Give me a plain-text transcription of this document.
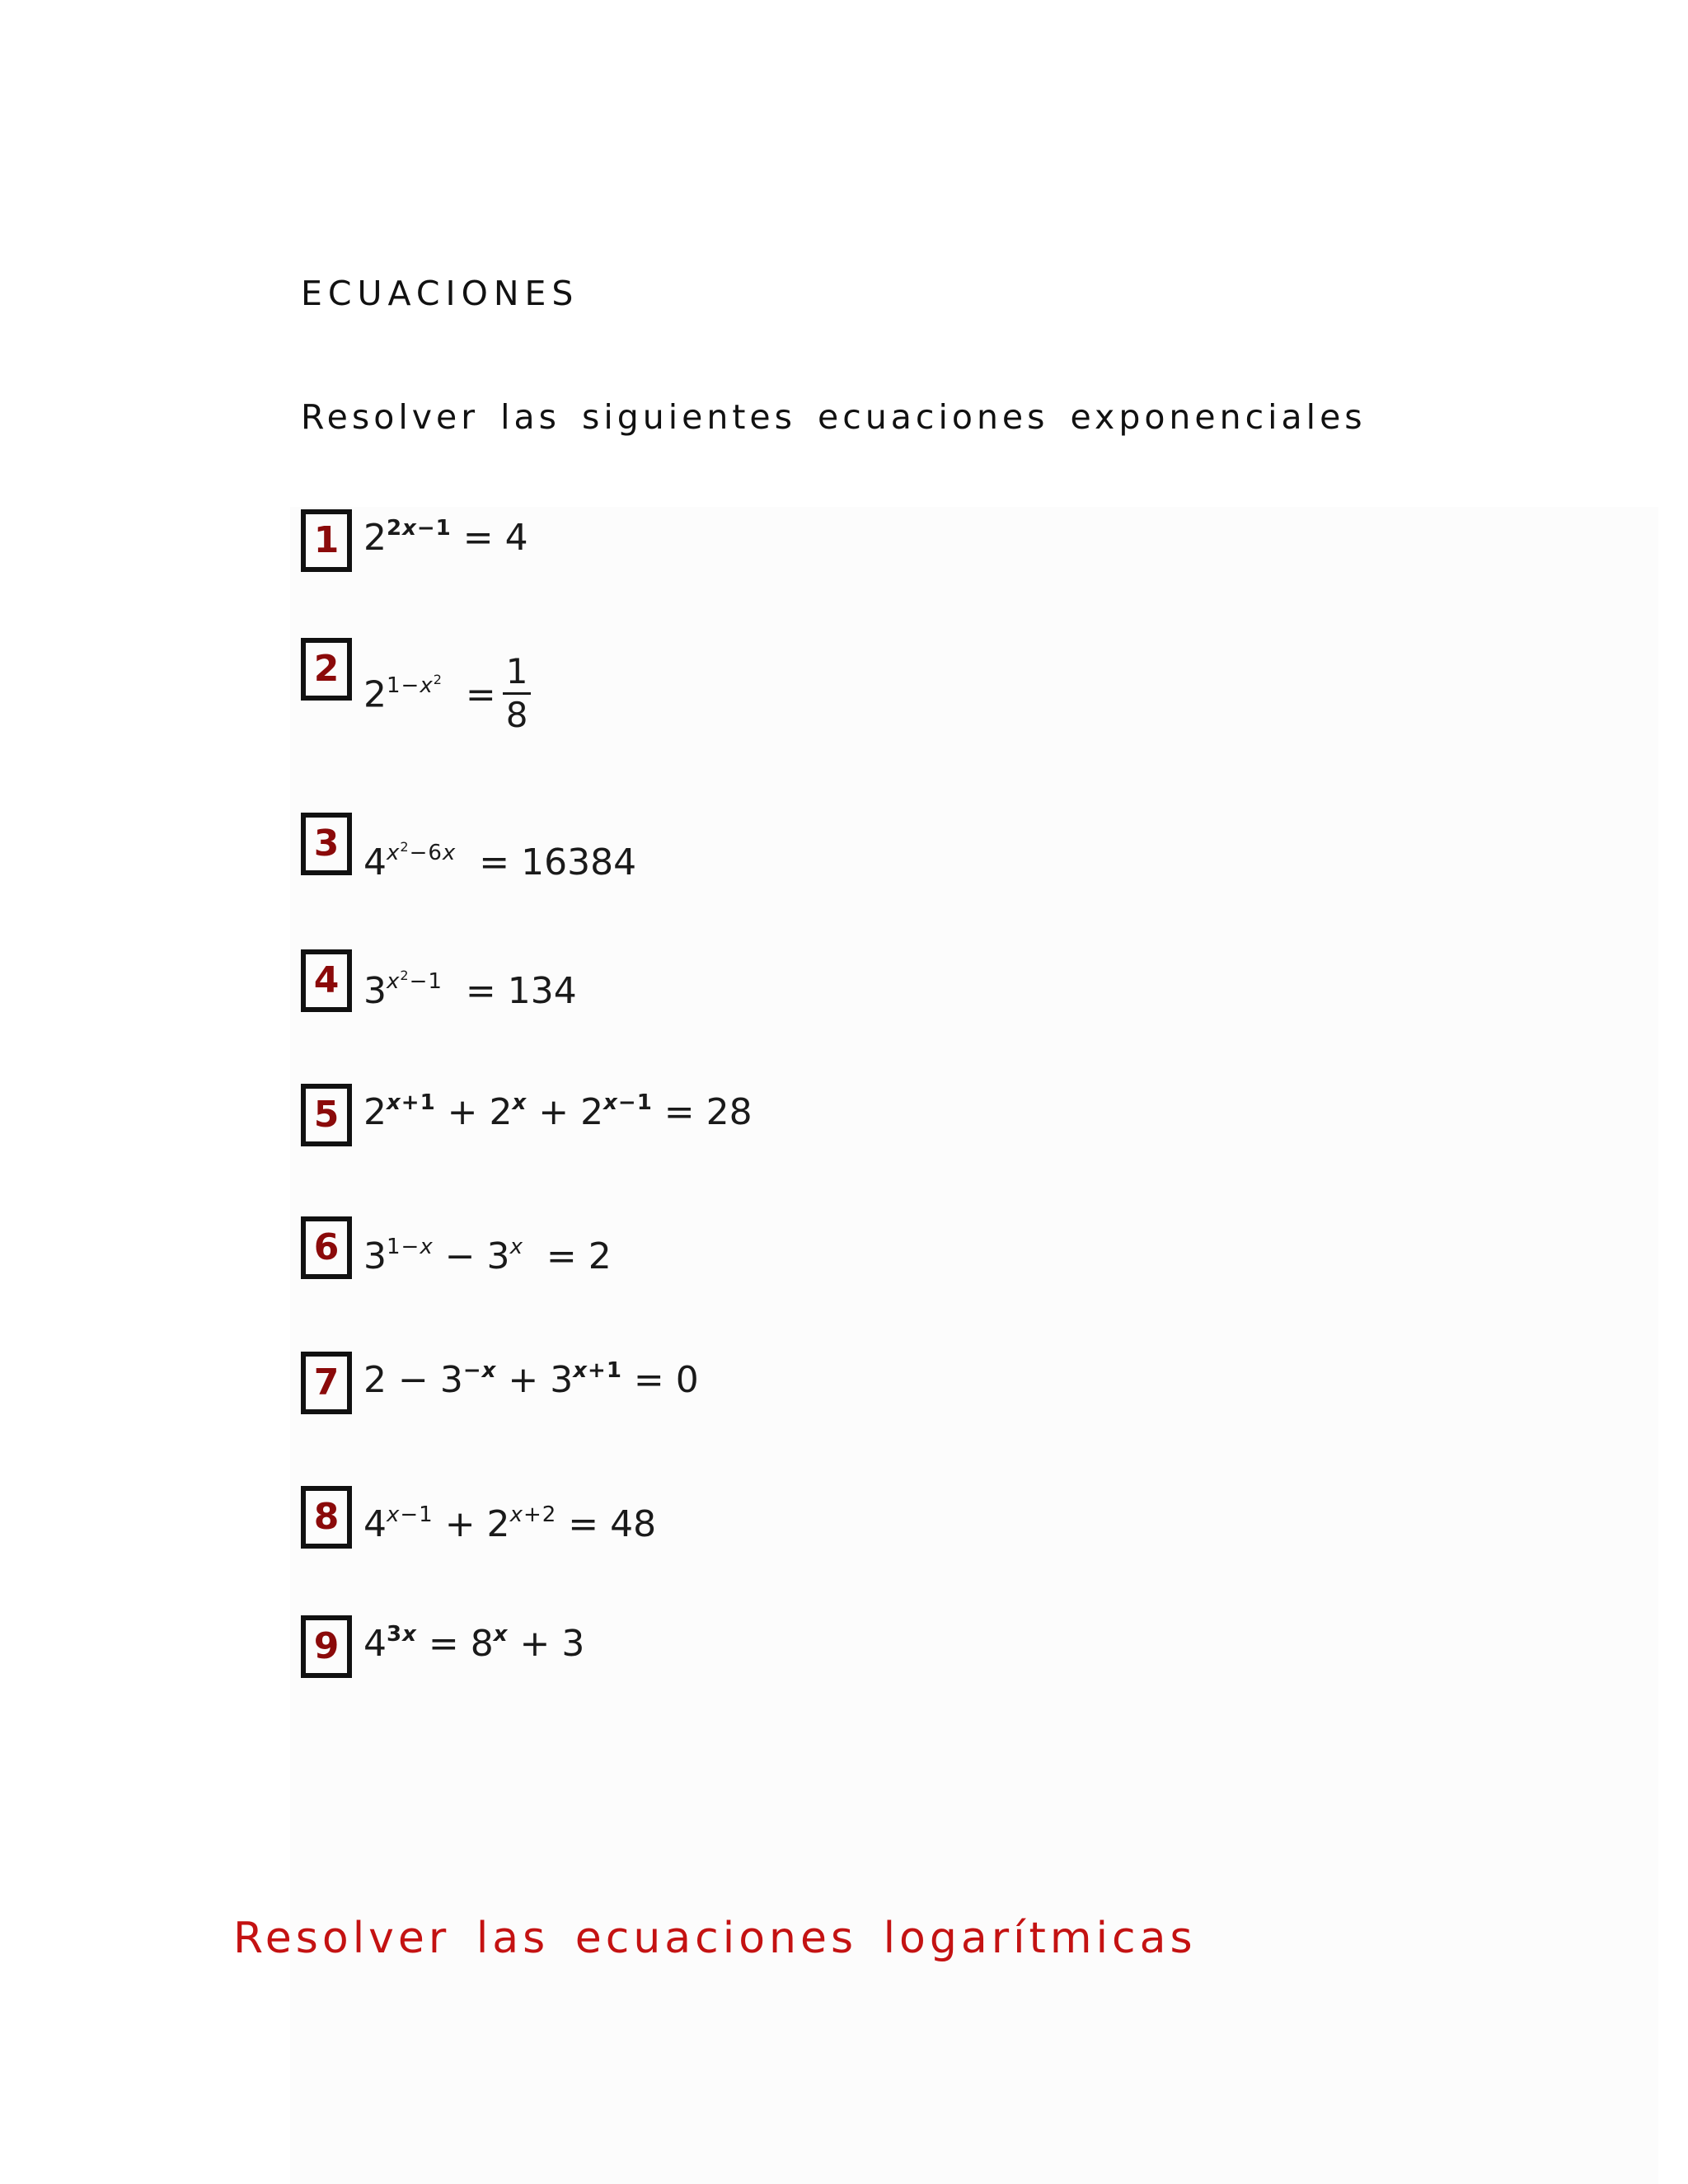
ECUACIONES
Resolver las siguientes ecuaciones exponenciales
1 $2^{2x-1} = 4$
2
$2^{1-x^2} = \frac{1}{8}$
3 $4^{x^2-6x} = 16384$
4 $3^{x^2-1} = 134$
5 $2^{x+1} + 2^x + 2^{x-1} = 28$
6 $3^{1-x} - 3^x = 2$
7 $2 - 3^{-x} + 3^{x+1} = 0$
8 $4^{x-1} + 2^{x+2} = 48$
9 $4^{3x} = 8^x + 3$
Resolver las ecuaciones logarítmicas
